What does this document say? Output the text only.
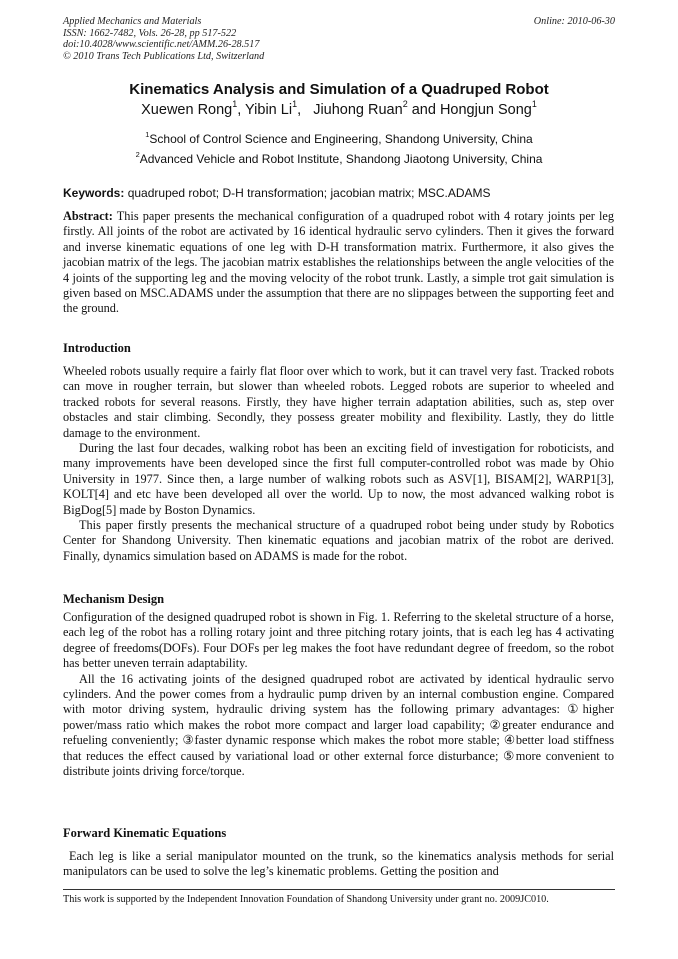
Applied Mechanics and Materials
ISSN: 1662-7482, Vols. 26-28, pp 517-522
doi:10.4028/www.scientific.net/AMM.26-28.517
© 2010 Trans Tech Publications Ltd, Switzerland
Online: 2010-06-30
Kinematics Analysis and Simulation of a Quadruped Robot
Xuewen Rong$^1$, Yibin Li$^1$,   Jiuhong Ruan$^2$ and Hongjun Song$^1$
$^1$School of Control Science and Engineering, Shandong University, China
$^2$Advanced Vehicle and Robot Institute, Shandong Jiaotong University, China
Keywords: quadruped robot; D-H transformation; jacobian matrix; MSC.ADAMS

Abstract: This paper presents the mechanical configuration of a quadruped robot with 4 rotary joints per leg firstly. All joints of the robot are activated by 16 identical hydraulic servo cylinders. Then it gives the forward and inverse kinematic equations of one leg with D-H transformation matrix. Furthermore, it also gives the jacobian matrix of the legs. The jacobian matrix establishes the relationships between the angle velocities of the 4 joints of the supporting leg and the moving velocity of the robot trunk. Lastly, a simple trot gait simulation is given based on MSC.ADAMS under the assumption that there are no slippages between the supporting feet and the ground.

Introduction

Wheeled robots usually require a fairly flat floor over which to work, but it can travel very fast. Tracked robots can move in rougher terrain, but slower than wheeled robots. Legged robots are superior to wheeled and tracked robots for several reasons. Firstly, they have higher terrain adaptation abilities, such as, step over obstacles and stair climbing. Secondly, they possess greater mobility and flexibility. Lastly, they do little damage to the environment.

During the last four decades, walking robot has been an exciting field of investigation for roboticists, and many improvements have been developed since the first full computer-controlled robot was made by Ohio University in 1977. Since then, a large number of walking robots such as ASV[1], BISAM[2], WARP1[3], KOLT[4] and etc have been developed all over the world. Up to now, the most advanced walking robot is BigDog[5] made by Boston Dynamics.

This paper firstly presents the mechanical structure of a quadruped robot being under study by Robotics Center for Shandong University. Then kinematic equations and jacobian matrix of the robot are derived. Finally, dynamics simulation based on ADAMS is made for the robot.

Mechanism Design

Configuration of the designed quadruped robot is shown in Fig. 1. Referring to the skeletal structure of a horse, each leg of the robot has a rolling rotary joint and three pitching rotary joints, that is each leg has 4 activating degree of freedoms(DOFs). Four DOFs per leg makes the foot have redundant degree of freedom, so the robot has better uneven terrain adaptability.

All the 16 activating joints of the designed quadruped robot are activated by identical hydraulic servo cylinders. And the power comes from a hydraulic pump driven by an internal combustion engine. Compared with motor driving system, hydraulic driving system has the following primary advantages: ①higher power/mass ratio which makes the robot more compact and larger load capability; ②greater endurance and refueling conveniently; ③faster dynamic response which makes the robot more stable; ④better load stiffness that reduces the effect caused by variational load or other external force disturbance; ⑤more convenient to distribute joints driving force/torque.

Forward Kinematic Equations

Each leg is like a serial manipulator mounted on the trunk, so the kinematics analysis methods for serial manipulators can be used to solve the leg’s kinematic problems. Getting the position and

This work is supported by the Independent Innovation Foundation of Shandong University under grant no. 2009JC010.
